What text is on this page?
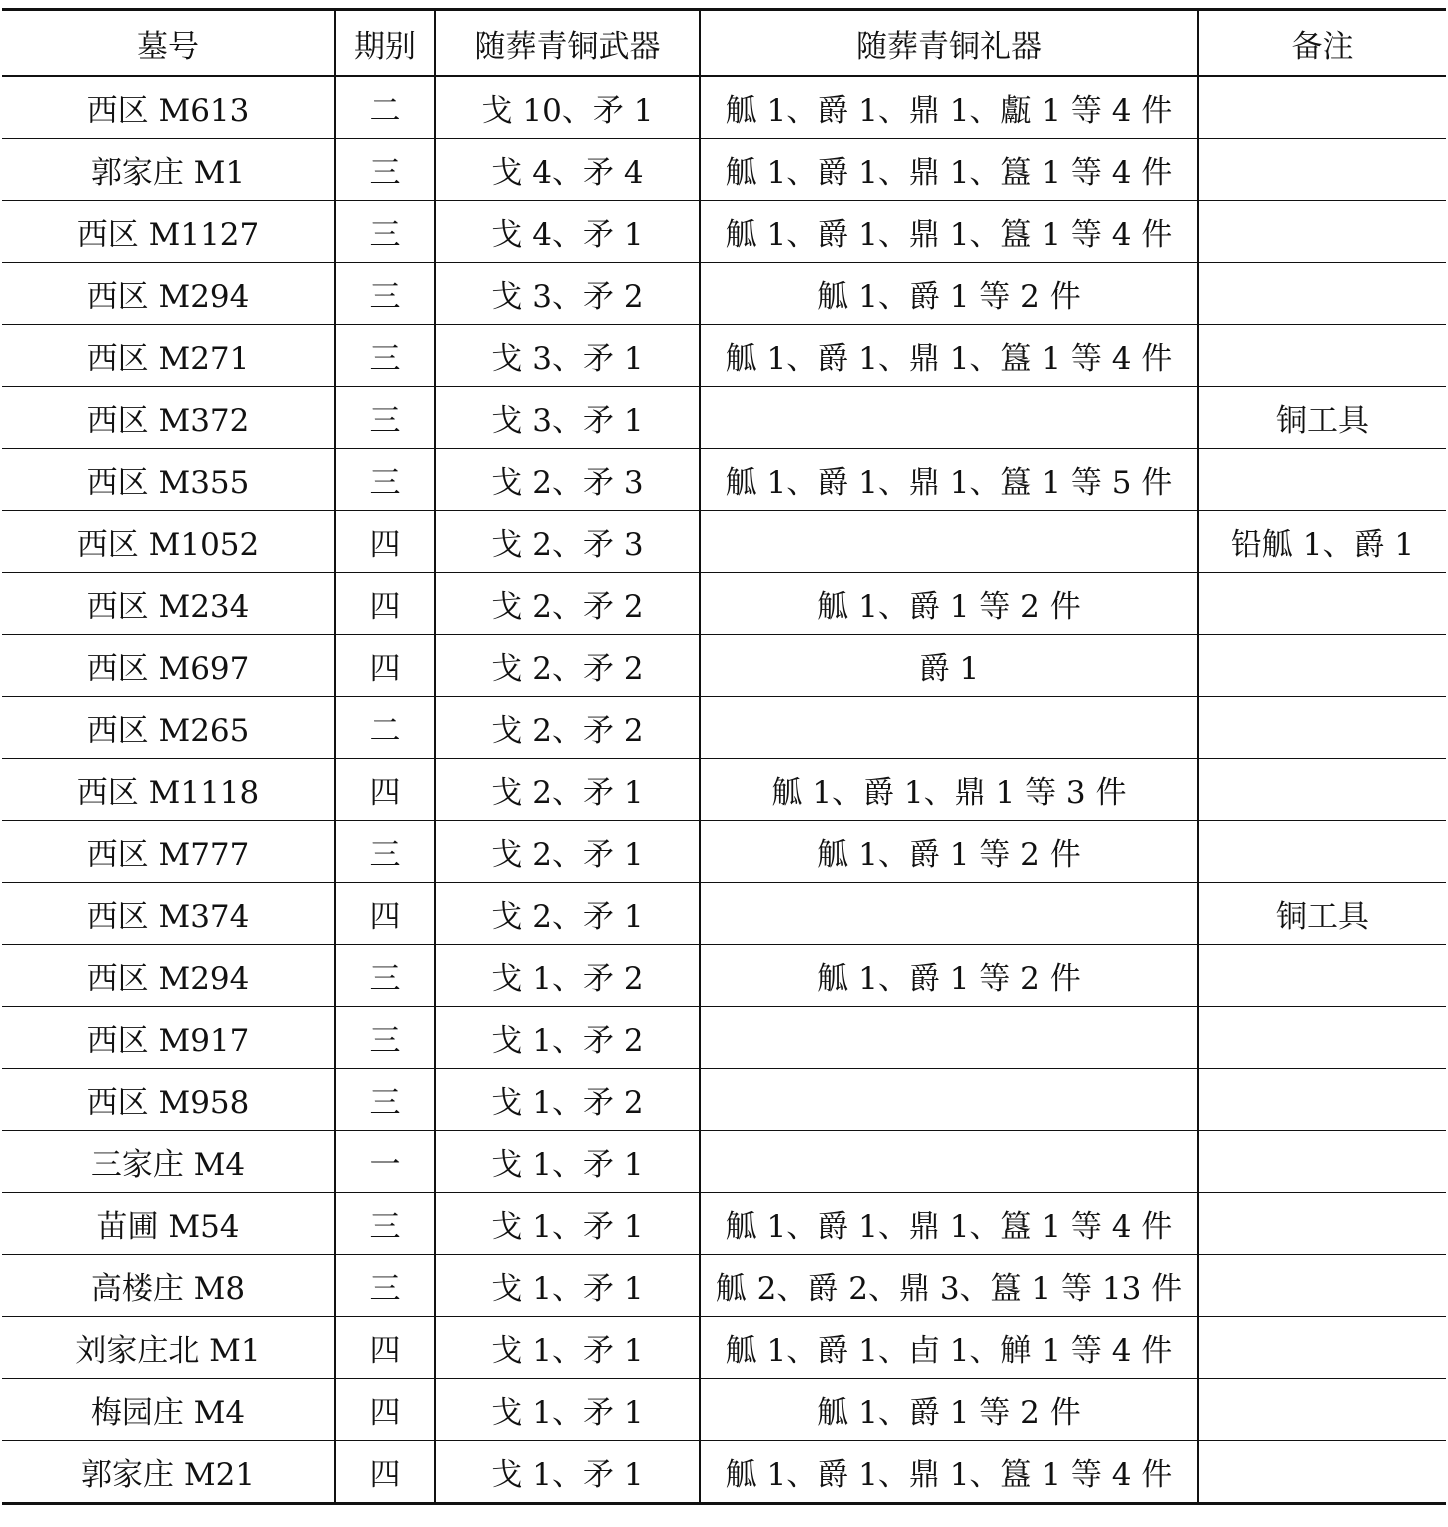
墓号	期别	随葬青铜武器	随葬青铜礼器	备注
西区 M613	二	戈 10、矛 1	觚 1、爵 1、鼎 1、甗 1 等 4 件	
郭家庄 M1	三	戈 4、矛 4	觚 1、爵 1、鼎 1、簋 1 等 4 件	
西区 M1127	三	戈 4、矛 1	觚 1、爵 1、鼎 1、簋 1 等 4 件	
西区 M294	三	戈 3、矛 2	觚 1、爵 1 等 2 件	
西区 M271	三	戈 3、矛 1	觚 1、爵 1、鼎 1、簋 1 等 4 件	
西区 M372	三	戈 3、矛 1		铜工具
西区 M355	三	戈 2、矛 3	觚 1、爵 1、鼎 1、簋 1 等 5 件	
西区 M1052	四	戈 2、矛 3		铅觚 1、爵 1
西区 M234	四	戈 2、矛 2	觚 1、爵 1 等 2 件	
西区 M697	四	戈 2、矛 2	爵 1	
西区 M265	二	戈 2、矛 2		
西区 M1118	四	戈 2、矛 1	觚 1、爵 1、鼎 1 等 3 件	
西区 M777	三	戈 2、矛 1	觚 1、爵 1 等 2 件	
西区 M374	四	戈 2、矛 1		铜工具
西区 M294	三	戈 1、矛 2	觚 1、爵 1 等 2 件	
西区 M917	三	戈 1、矛 2		
西区 M958	三	戈 1、矛 2		
三家庄 M4	一	戈 1、矛 1		
苗圃 M54	三	戈 1、矛 1	觚 1、爵 1、鼎 1、簋 1 等 4 件	
高楼庄 M8	三	戈 1、矛 1	觚 2、爵 2、鼎 3、簋 1 等 13 件	
刘家庄北 M1	四	戈 1、矛 1	觚 1、爵 1、卣 1、觯 1 等 4 件	
梅园庄 M4	四	戈 1、矛 1	觚 1、爵 1 等 2 件	
郭家庄 M21	四	戈 1、矛 1	觚 1、爵 1、鼎 1、簋 1 等 4 件	
